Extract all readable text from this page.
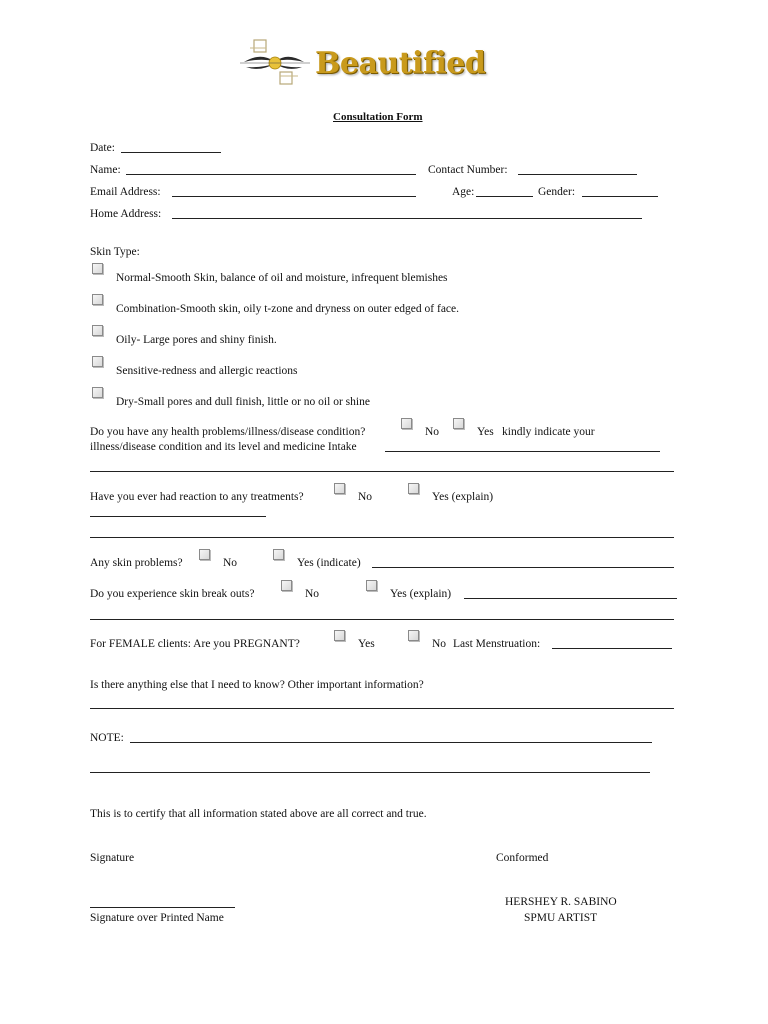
Beautified
Consultation Form
Date:
Name:	Contact Number:
Email Address:	Age:	Gender:
Home Address:
Skin Type:
Normal-Smooth Skin, balance of oil and moisture, infrequent blemishes
Combination-Smooth skin, oily t-zone and dryness on outer edged of face.
Oily- Large pores and shiny finish.
Sensitive-redness and allergic reactions
Dry-Small pores and dull finish, little or no oil or shine
Do you have any health problems/illness/disease condition?	No	Yes kindly indicate your
illness/disease condition and its level and medicine Intake
Have you ever had reaction to any treatments?	No	Yes (explain)
Any skin problems?	No	Yes (indicate)
Do you experience skin break outs?	No	Yes (explain)
For FEMALE clients: Are you PREGNANT?	Yes	No Last Menstruation:
Is there anything else that I need to know? Other important information?
NOTE:
This is to certify that all information stated above are all correct and true.
Signature	Conformed
Signature over Printed Name
HERSHEY R. SABINO
SPMU ARTIST
